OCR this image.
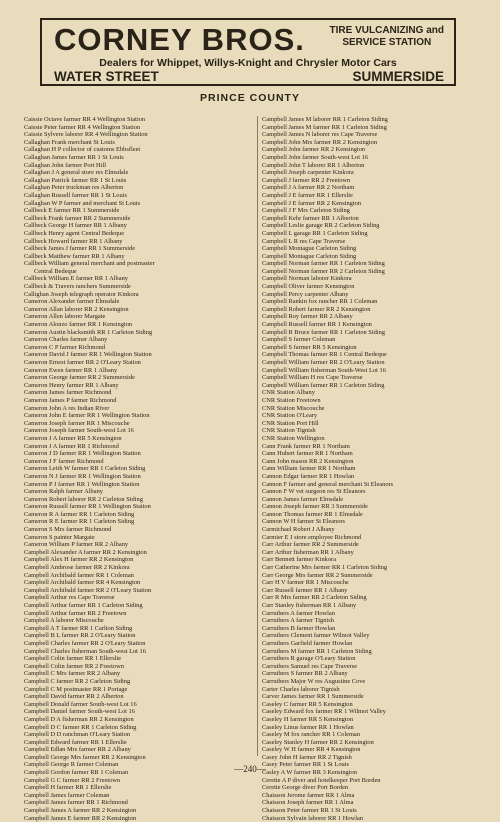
CORNEY BROS. TIRE VULCANIZING and
SERVICE STATION
Dealers for Whippet, Willys-Knight and Chrysler Motor Cars
WATER STREET	SUMMERSIDE
PRINCE COUNTY
Caissie Octave farmer RR 4 Wellington Station
Caissie Peter farmer RR 4 Wellington Station
Caissie Sylvere laborer RR 4 Wellington Station
Callaghan Frank merchant St Louis
Callaghan H P collector of customs Ebbsfleet
Callaghan James farmer RR 1 St Louis
Callaghan John farmer Port Hill
Callaghan J A general store res Elmsdale
Callaghan Patrick farmer RR 1 St Louis
Callaghan Peter truckman res Alberton
Callaghan Russell farmer RR 1 St Louis
Callaghan W P farmer and merchant St Louis
Callbeck E farmer RR 1 Summerside
Callbeck Frank farmer RR 2 Summerside
Callbeck George H farmer RR 1 Albany
Callbeck Henry agent Central Bedeque
Callbeck Howard farmer RR 1 Albany
Callbeck James J farmer RR 1 Summerside
Callbeck Matthew farmer RR 1 Albany
Callbeck William general merchant and postmaster
Central Bedeque
Callbeck William E farmer RR 1 Albany
Callbeck & Travers ranchers Summerside
Callighan Joseph telegraph operator Kinkora
Cameron Alexander farmer Elmsdale
Cameron Allan laborer RR 2 Kensington
Cameron Allen laborer Margate
Cameron Alonzo farmer RR 1 Kensington
Cameron Austin blacksmith RR 1 Carleton Siding
Cameron Charles farmer Albany
Cameron C P farmer Richmond
Cameron David J farmer RR 1 Wellington Station
Cameron Ernest farmer RR 2 O'Leary Station
Cameron Ewen farmer RR 1 Albany
Cameron George farmer RR 2 Summerside
Cameron Henry farmer RR 1 Albany
Cameron James farmer Richmond
Cameron James P farmer Richmond
Cameron John A res Indian River
Cameron John E farmer RR 1 Wellington Station
Cameron Joseph farmer RR 1 Miscouche
Cameron Joseph farmer South-west Lot 16
Cameron J A farmer RR 5 Kensington
Cameron J A farmer RR 1 Richmond
Cameron J D farmer RR 1 Wellington Station
Cameron J F farmer Richmond
Cameron Leith W farmer RR 1 Carleton Siding
Cameron N J farmer RR 1 Wellington Station
Cameron P J farmer RR 1 Wellington Station
Cameron Ralph farmer Albany
Cameron Robert laborer RR 2 Carleton Siding
Cameron Russell farmer RR 1 Wellington Station
Cameron R A farmer RR 1 Carleton Siding
Cameron R E farmer RR 1 Carleton Siding
Cameron S Mrs farmer Richmond
Cameron S painter Margate
Cameron William P farmer RR 2 Albany
Campbell Alexander A farmer RR 2 Kensington
Campbell Alex H farmer RR 2 Kensington
Campbell Ambrose farmer RR 2 Kinkora
Campbell Archibald farmer RR 1 Coleman
Campbell Archibald farmer RR 4 Kensington
Campbell Archibald farmer RR 2 O'Leary Station
Campbell Arthur res Cape Traverse
Campbell Arthur farmer RR 1 Carleton Siding
Campbell Arthur farmer RR 2 Freetown
Campbell A laborer Miscouche
Campbell A T farmer RR 1 Carlton Siding
Campbell B L farmer RR 2 O'Leary Station
Campbell Charles farmer RR 2 O'Leary Station
Campbell Charles fisherman South-west Lot 16
Campbell Colin farmer RR 1 Ellerslie
Campbell Colin farmer RR 2 Freetown
Campbell C Mrs farmer RR 2 Albany
Campbell C farmer RR 2 Carleton Siding
Campbell C M postmaster RR 1 Portage
Campbell David farmer RR 2 Alberton
Campbell Donald farmer South-west Lot 16
Campbell Daniel farmer South-west Lot 16
Campbell D A fisherman RR 2 Kensington
Campbell D C farmer RR 1 Carleton Siding
Campbell D D ranchman O'Leary Station
Campbell Edward farmer RR 1 Ellerslie
Campbell Edlan Mrs farmer RR 2 Albany
Campbell George Mrs farmer RR 2 Kensington
Campbell George R farmer Coleman
Campbell Gordon farmer RR 1 Coleman
Campbell G C farmer RR 2 Freetown
Campbell H farmer RR 1 Ellerslie
Campbell James farmer Coleman
Campbell James farmer RR 1 Richmond
Campbell James A farmer RR 2 Kensington
Campbell James E farmer RR 2 Kensington
Campbell James M laborer RR 1 Carleton Siding
Campbell James M farmer RR 1 Carleton Siding
Campbell James N laborer res Cape Traverse
Campbell John Mrs farmer RR 2 Kensington
Campbell John farmer RR 2 Kensington
Campbell John farmer South-west Lot 16
Campbell John T laborer RR 1 Alberton
Campbell Joseph carpenter Kinkora
Campbell J farmer RR 2 Freetown
Campbell J A farmer RR 2 Northam
Campbell J E farmer RR 1 Ellerslie
Campbell J E farmer RR 2 Kensington
Campbell J F Mrs Carleton Siding
Campbell Kehr farmer RR 1 Alberton
Campbell Leslie garage RR 2 Carleton Siding
Campbell L garage RR 1 Carleton Siding
Campbell L R res Cape Traverse
Campbell Montague Carleton Siding
Campbell Montague Carleton Siding
Campbell Norman farmer RR 1 Carleton Siding
Campbell Norman farmer RR 2 Carleton Siding
Campbell Norman laborer Kinkora
Campbell Oliver farmer Kensington
Campbell Percy carpenter Albany
Campbell Rankin fox rancher RR 1 Coleman
Campbell Robert farmer RR 2 Kensington
Campbell Roy farmer RR 2 Albany
Campbell Russell farmer RR 1 Kensington
Campbell R Bruce farmer RR 1 Carleton Siding
Campbell S farmer Coleman
Campbell S farmer RR 5 Kensington
Campbell Thomas farmer RR 1 Central Bedeque
Campbell William farmer RR 2 O'Leary Station
Campbell William fisherman South-West Lot 16
Campbell William H res Cape Traverse
Campbell William farmer RR 1 Carleton Siding
CNR Station Albany
CNR Station Freetown
CNR Station Miscouche
CNR Station O'Leary
CNR Station Port Hill
CNR Station Tignish
CNR Station Wellington
Cann Frank farmer RR 1 Northam
Cann Hubert farmer RR 1 Northam
Cann John mason RR 2 Kensington
Cann William farmer RR 1 Northam
Cannon Edgar farmer RR 1 Howlan
Cannon F farmer and general merchant St Eleanors
Cannon F W vet surgeon res St Eleanors
Cannon James farmer Elmsdale
Cannon Joseph farmer RR 3 Summerside
Cannon Thomas farmer RR 1 Elmsdale
Cannon W H farmer St Eleanors
Carmichael Robert J Albany
Carmier E J store employee Richmond
Carr Arthur farmer RR 2 Summerside
Carr Arthur fisherman RR 1 Albany
Carr Bennett farmer Kinkora
Carr Catherine Mrs farmer RR 1 Carleton Siding
Carr George Mrs farmer RR 2 Summerside
Carr H V farmer RR 1 Miscouche
Carr Russell farmer RR 1 Albany
Carr R Mrs farmer RR 2 Carleton Siding
Carr Stanley fisherman RR 1 Albany
Carruthers A farmer Howlan
Carruthers A farmer Tignish
Carruthers B farmer Howlan
Carruthers Clement farmer Wilmot Valley
Carruthers Garfield farmer Howlan
Carruthers M farmer RR 1 Carleton Siding
Carruthers R garage O'Leary Station
Carruthers Samuel res Cape Traverse
Carruthers S farmer RR 2 Albany
Carruthers Major W res Augustine Cove
Carter Charles laborer Tignish
Carver James farmer RR 1 Summerside
Caseley C farmer RR 5 Kensington
Caseley Edward fox farmer RR 1 Wilmot Valley
Caseley H farmer RR 5 Kensington
Caseley Linus farmer RR 1 Howlan
Caseley M fox rancher RR 1 Coleman
Caseley Stanley H farmer RR 2 Kensington
Caseley W H farmer RR 4 Kensington
Casey John H farmer RR 2 Tignish
Casey Peter farmer RR 1 St Louis
Casley A W farmer RR 3 Kensington
Cerette A P diver and hotelkeeper Port Borden
Cerette George diver Port Borden
Chaisson Jerome farmer RR 1 Alma
Chaisson Joseph farmer RR 1 Alma
Chaisson Peter farmer RR 1 St Louis
Chaisson Sylvain laborer RR 1 Howlan
—240—
